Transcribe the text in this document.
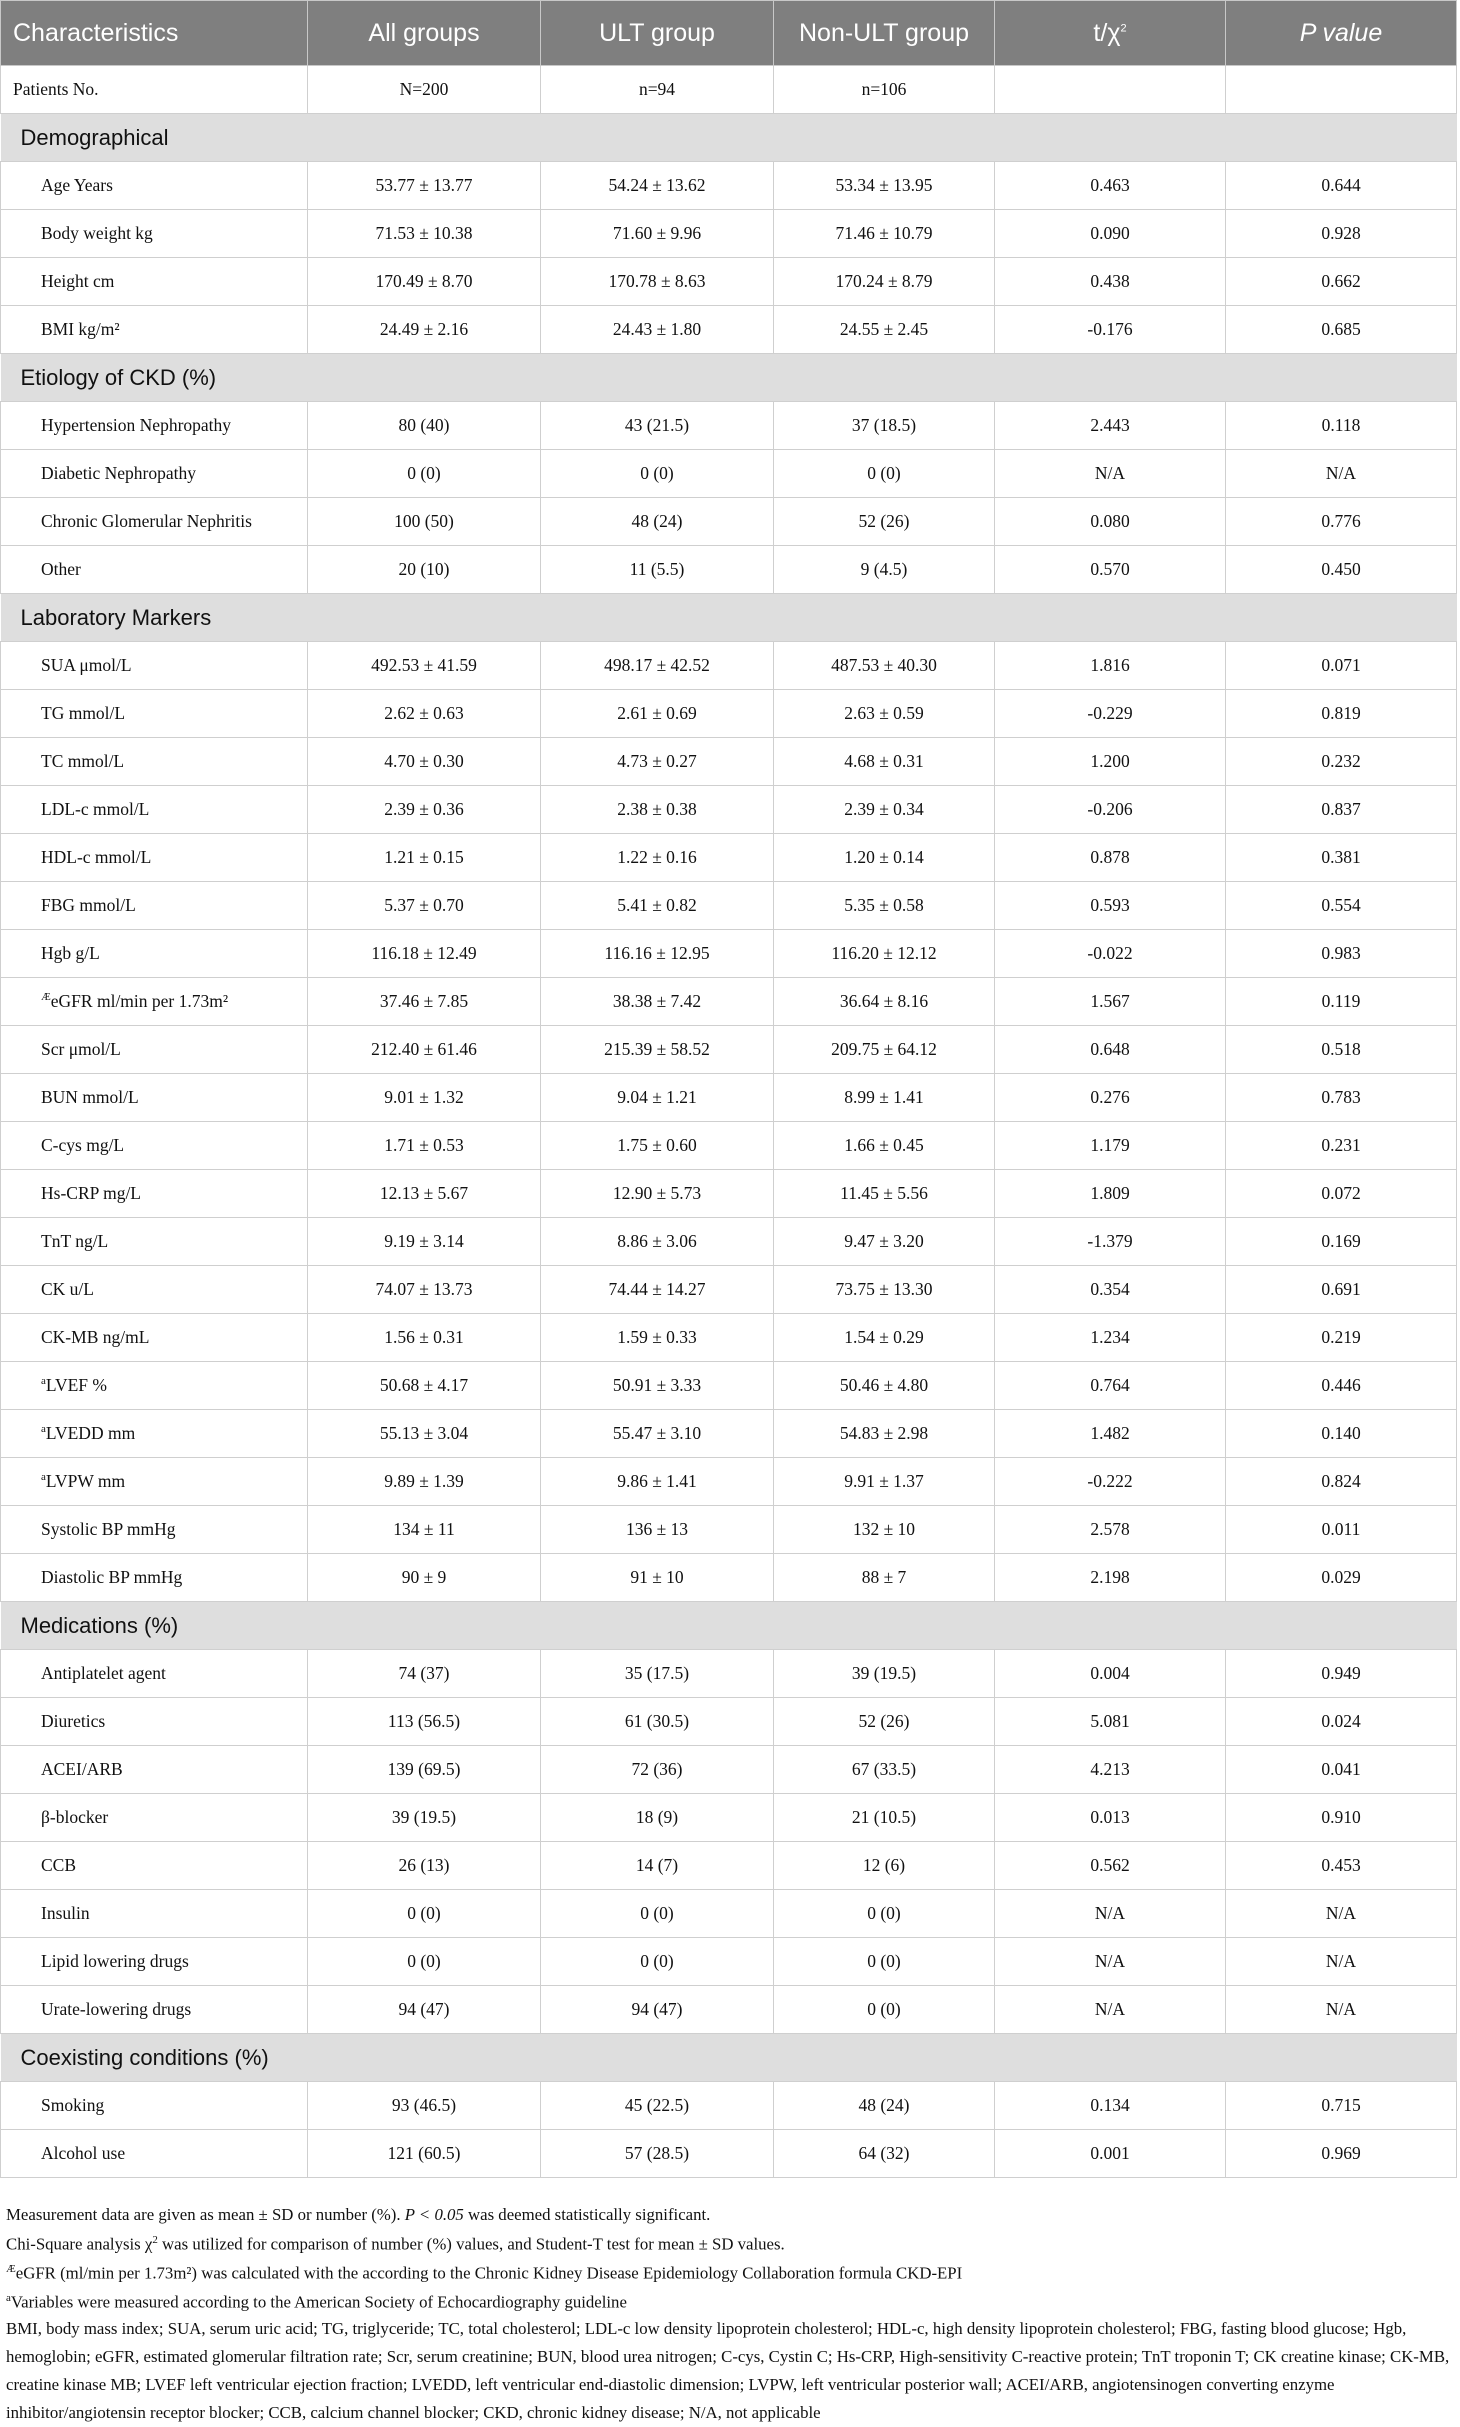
Characteristics	All groups	ULT group	Non-ULT group	$t/\chi^2$	P value
Patients No.	N=200	n=94	n=106		
Demographical					
Age Years	53.77 ± 13.77	54.24 ± 13.62	53.34 ± 13.95	0.463	0.644
Body weight kg	71.53 ± 10.38	71.60 ± 9.96	71.46 ± 10.79	0.090	0.928
Height cm	170.49 ± 8.70	170.78 ± 8.63	170.24 ± 8.79	0.438	0.662
BMI kg/m²	24.49 ± 2.16	24.43 ± 1.80	24.55 ± 2.45	-0.176	0.685
Etiology of CKD (%)					
Hypertension Nephropathy	80 (40)	43 (21.5)	37 (18.5)	2.443	0.118
Diabetic Nephropathy	0 (0)	0 (0)	0 (0)	N/A	N/A
Chronic Glomerular Nephritis	100 (50)	48 (24)	52 (26)	0.080	0.776
Other	20 (10)	11 (5.5)	9 (4.5)	0.570	0.450
Laboratory Markers					
SUA μmol/L	492.53 ± 41.59	498.17 ± 42.52	487.53 ± 40.30	1.816	0.071
TG mmol/L	2.62 ± 0.63	2.61 ± 0.69	2.63 ± 0.59	-0.229	0.819
TC mmol/L	4.70 ± 0.30	4.73 ± 0.27	4.68 ± 0.31	1.200	0.232
LDL-c mmol/L	2.39 ± 0.36	2.38 ± 0.38	2.39 ± 0.34	-0.206	0.837
HDL-c mmol/L	1.21 ± 0.15	1.22 ± 0.16	1.20 ± 0.14	0.878	0.381
FBG mmol/L	5.37 ± 0.70	5.41 ± 0.82	5.35 ± 0.58	0.593	0.554
Hgb g/L	116.18 ± 12.49	116.16 ± 12.95	116.20 ± 12.12	-0.022	0.983
$^Æ$eGFR ml/min per 1.73m²	37.46 ± 7.85	38.38 ± 7.42	36.64 ± 8.16	1.567	0.119
Scr μmol/L	212.40 ± 61.46	215.39 ± 58.52	209.75 ± 64.12	0.648	0.518
BUN mmol/L	9.01 ± 1.32	9.04 ± 1.21	8.99 ± 1.41	0.276	0.783
C-cys mg/L	1.71 ± 0.53	1.75 ± 0.60	1.66 ± 0.45	1.179	0.231
Hs-CRP mg/L	12.13 ± 5.67	12.90 ± 5.73	11.45 ± 5.56	1.809	0.072
TnT ng/L	9.19 ± 3.14	8.86 ± 3.06	9.47 ± 3.20	-1.379	0.169
CK u/L	74.07 ± 13.73	74.44 ± 14.27	73.75 ± 13.30	0.354	0.691
CK-MB ng/mL	1.56 ± 0.31	1.59 ± 0.33	1.54 ± 0.29	1.234	0.219
$^a$LVEF %	50.68 ± 4.17	50.91 ± 3.33	50.46 ± 4.80	0.764	0.446
$^a$LVEDD mm	55.13 ± 3.04	55.47 ± 3.10	54.83 ± 2.98	1.482	0.140
$^a$LVPW mm	9.89 ± 1.39	9.86 ± 1.41	9.91 ± 1.37	-0.222	0.824
Systolic BP mmHg	134 ± 11	136 ± 13	132 ± 10	2.578	0.011
Diastolic BP mmHg	90 ± 9	91 ± 10	88 ± 7	2.198	0.029
Medications (%)					
Antiplatelet agent	74 (37)	35 (17.5)	39 (19.5)	0.004	0.949
Diuretics	113 (56.5)	61 (30.5)	52 (26)	5.081	0.024
ACEI/ARB	139 (69.5)	72 (36)	67 (33.5)	4.213	0.041
β-blocker	39 (19.5)	18 (9)	21 (10.5)	0.013	0.910
CCB	26 (13)	14 (7)	12 (6)	0.562	0.453
Insulin	0 (0)	0 (0)	0 (0)	N/A	N/A
Lipid lowering drugs	0 (0)	0 (0)	0 (0)	N/A	N/A
Urate-lowering drugs	94 (47)	94 (47)	0 (0)	N/A	N/A
Coexisting conditions (%)					
Smoking	93 (46.5)	45 (22.5)	48 (24)	0.134	0.715
Alcohol use	121 (60.5)	57 (28.5)	64 (32)	0.001	0.969

Measurement data are given as mean ± SD or number (%). P < 0.05 was deemed statistically significant.

Chi-Square analysis $\chi^2$ was utilized for comparison of number (%) values, and Student-T test for mean ± SD values.

$^Æ$eGFR (ml/min per 1.73m²) was calculated with the according to the Chronic Kidney Disease Epidemiology Collaboration formula CKD-EPI

$^a$Variables were measured according to the American Society of Echocardiography guideline

BMI, body mass index; SUA, serum uric acid; TG, triglyceride; TC, total cholesterol; LDL-c low density lipoprotein cholesterol; HDL-c, high density lipoprotein cholesterol; FBG, fasting blood glucose; Hgb, hemoglobin; eGFR, estimated glomerular filtration rate; Scr, serum creatinine; BUN, blood urea nitrogen; C-cys, Cystin C; Hs-CRP, High-sensitivity C-reactive protein; TnT troponin T; CK creatine kinase; CK-MB, creatine kinase MB; LVEF left ventricular ejection fraction; LVEDD, left ventricular end-diastolic dimension; LVPW, left ventricular posterior wall; ACEI/ARB, angiotensinogen converting enzyme inhibitor/angiotensin receptor blocker; CCB, calcium channel blocker; CKD, chronic kidney disease; N/A, not applicable
